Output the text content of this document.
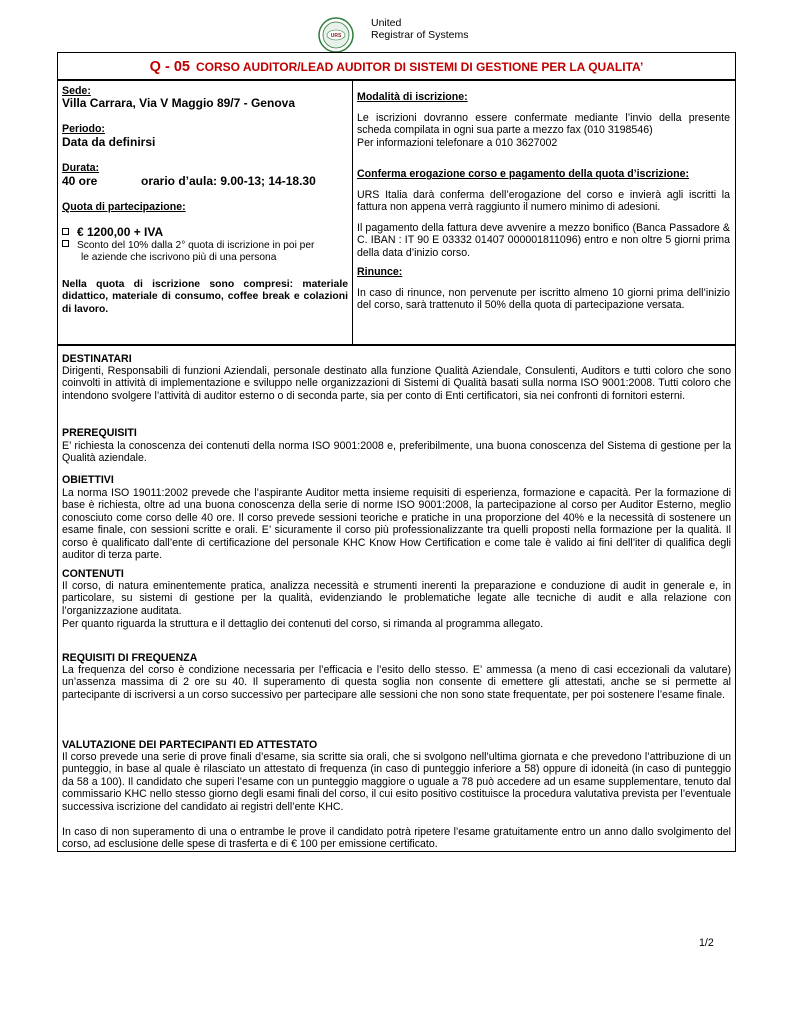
URS
United
Registrar of Systems
Q - 05 CORSO AUDITOR/LEAD AUDITOR DI SISTEMI DI GESTIONE PER LA QUALITA’
Sede:
Villa Carrara, Via V Maggio 89/7 - Genova
Periodo:
Data da definirsi
Durata:
40 ore	orario d’aula: 9.00-13; 14-18.30
Quota di partecipazione:
€ 1200,00 + IVA
Sconto del 10% dalla 2° quota di iscrizione in poi per
le aziende che iscrivono più di una persona
Nella quota di iscrizione sono compresi: materiale didattico, materiale di consumo, coffee break e colazioni di lavoro.
Modalità di iscrizione:
Le iscrizioni dovranno essere confermate mediante l’invio della presente scheda compilata in ogni sua parte a mezzo fax (010 3198546)
Per informazioni telefonare a 010 3627002
Conferma erogazione corso e pagamento della quota d’iscrizione:
URS Italia darà conferma dell’erogazione del corso e invierà agli iscritti la fattura non appena verrà raggiunto il numero minimo di adesioni.
Il pagamento della fattura deve avvenire a mezzo bonifico (Banca Passadore & C. IBAN : IT 90 E 03332 01407 000001811096) entro e non oltre 5 giorni prima della data d’inizio corso.
Rinunce:
In caso di rinunce, non pervenute per iscritto almeno 10 giorni prima dell’inizio del corso, sarà trattenuto il 50% della quota di partecipazione versata.
DESTINATARI
Dirigenti, Responsabili di funzioni Aziendali, personale destinato alla funzione Qualità Aziendale, Consulenti, Auditors e tutti coloro che sono coinvolti in attività di implementazione e sviluppo nelle organizzazioni di Sistemi di Qualità basati sulla norma ISO 9001:2008. Tutti coloro che intendono svolgere l’attività di auditor esterno o di seconda parte, sia per conto di Enti certificatori, sia nei confronti di fornitori esterni.
PREREQUISITI
E’ richiesta la conoscenza dei contenuti della norma ISO 9001:2008 e, preferibilmente, una buona conoscenza del Sistema di gestione per la Qualità aziendale.
OBIETTIVI
La norma ISO 19011:2002 prevede che l’aspirante Auditor metta insieme requisiti di esperienza, formazione e capacità. Per la formazione di base è richiesta, oltre ad una buona conoscenza della serie di norme ISO 9001:2008, la partecipazione al corso per Auditor Esterno, meglio conosciuto come corso delle 40 ore. Il corso prevede sessioni teoriche e pratiche in una proporzione del 40% e la necessità di sostenere un esame finale, con sessioni scritte e orali. E’ sicuramente il corso più professionalizzante tra quelli proposti nella formazione per la qualità. Il corso è qualificato dall’ente di certificazione del personale KHC Know How Certification e come tale è valido ai fini dell’iter di qualifica degli auditor di terza parte.
CONTENUTI
Il corso, di natura eminentemente pratica, analizza necessità e strumenti inerenti la preparazione e conduzione di audit in generale e, in particolare, su sistemi di gestione per la qualità, evidenziando le problematiche legate alle tecniche di audit e alla relazione con l’organizzazione auditata.
Per quanto riguarda la struttura e il dettaglio dei contenuti del corso, si rimanda al programma allegato.
REQUISITI DI FREQUENZA
La frequenza del corso è condizione necessaria per l’efficacia e l’esito dello stesso. E’ ammessa (a meno di casi eccezionali da valutare) un’assenza massima di 2 ore su 40. Il superamento di questa soglia non consente di emettere gli attestati, anche se si permette al partecipante di iscriversi a un corso successivo per partecipare alle sessioni che non sono state frequentate, per poi sostenere l’esame finale.
VALUTAZIONE DEI PARTECIPANTI ED ATTESTATO
Il corso prevede una serie di prove finali d’esame, sia scritte sia orali, che si svolgono nell’ultima giornata e che prevedono l’attribuzione di un punteggio, in base al quale è rilasciato un attestato di frequenza (in caso di punteggio inferiore a 58) oppure di idoneità (in caso di punteggio da 58 a 100). Il candidato che superi l’esame con un punteggio maggiore o uguale a 78 può accedere ad un esame supplementare, tenuto dal commissario KHC nello stesso giorno degli esami finali del corso, il cui esito positivo costituisce la procedura valutativa prevista per l’eventuale successiva iscrizione del candidato ai registri dell’ente KHC.
In caso di non superamento di una o entrambe le prove il candidato potrà ripetere l’esame gratuitamente entro un anno dallo svolgimento del corso, ad esclusione delle spese di trasferta e di € 100 per emissione certificato.
1/2
